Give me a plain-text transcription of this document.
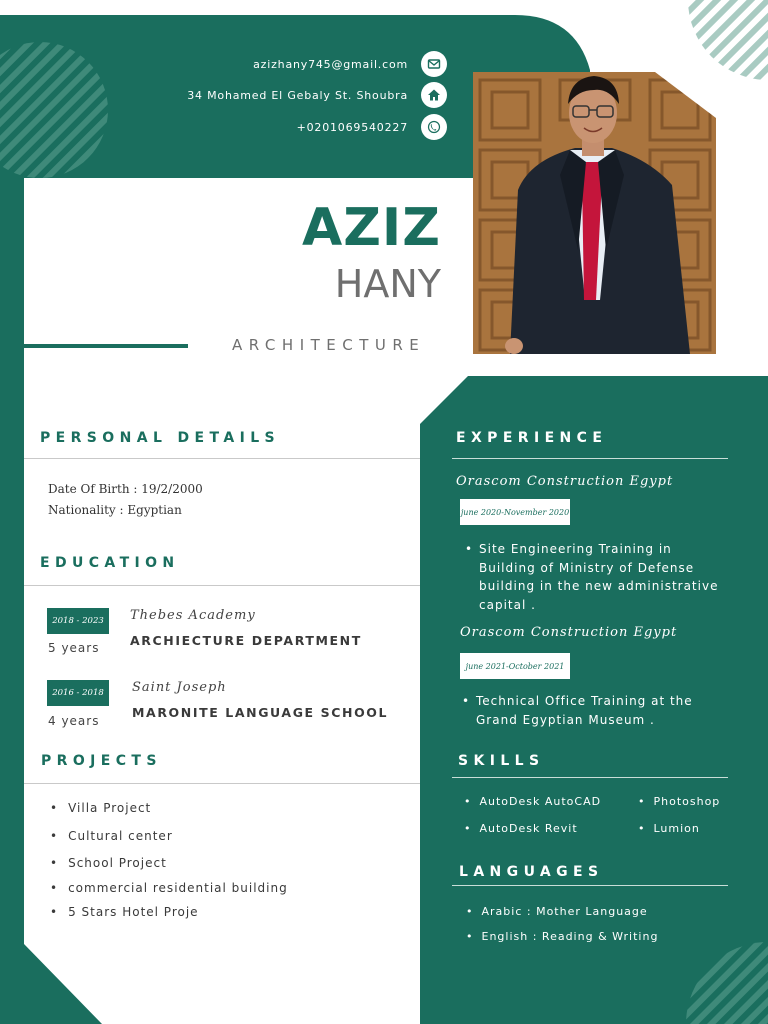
azizhany745@gmail.com
34 Mohamed El Gebaly St. Shoubra
+0201069540227
AZIZ
HANY
ARCHITECTURE
PERSONAL DETAILS
Date Of Birth : 19/2/2000
Nationality : Egyptian
EDUCATION
2018 - 2023
5 years
Thebes Academy
ARCHIECTURE DEPARTMENT
2016 - 2018
4 years
Saint Joseph
MARONITE LANGUAGE SCHOOL
PROJECTS
• Villa Project
• Cultural center
• School Project
• commercial residential building
• 5 Stars Hotel Proje
EXPERIENCE
Orascom Construction Egypt
june 2020-November 2020
• Site Engineering Training in Building of Ministry of Defense building in the new administrative capital .
Orascom Construction Egypt
june 2021-October 2021
• Technical Office Training at the Grand Egyptian Museum .
SKILLS
• AutoDesk AutoCAD
• AutoDesk Revit
• Photoshop
• Lumion
LANGUAGES
• Arabic : Mother Language
• English : Reading & Writing
